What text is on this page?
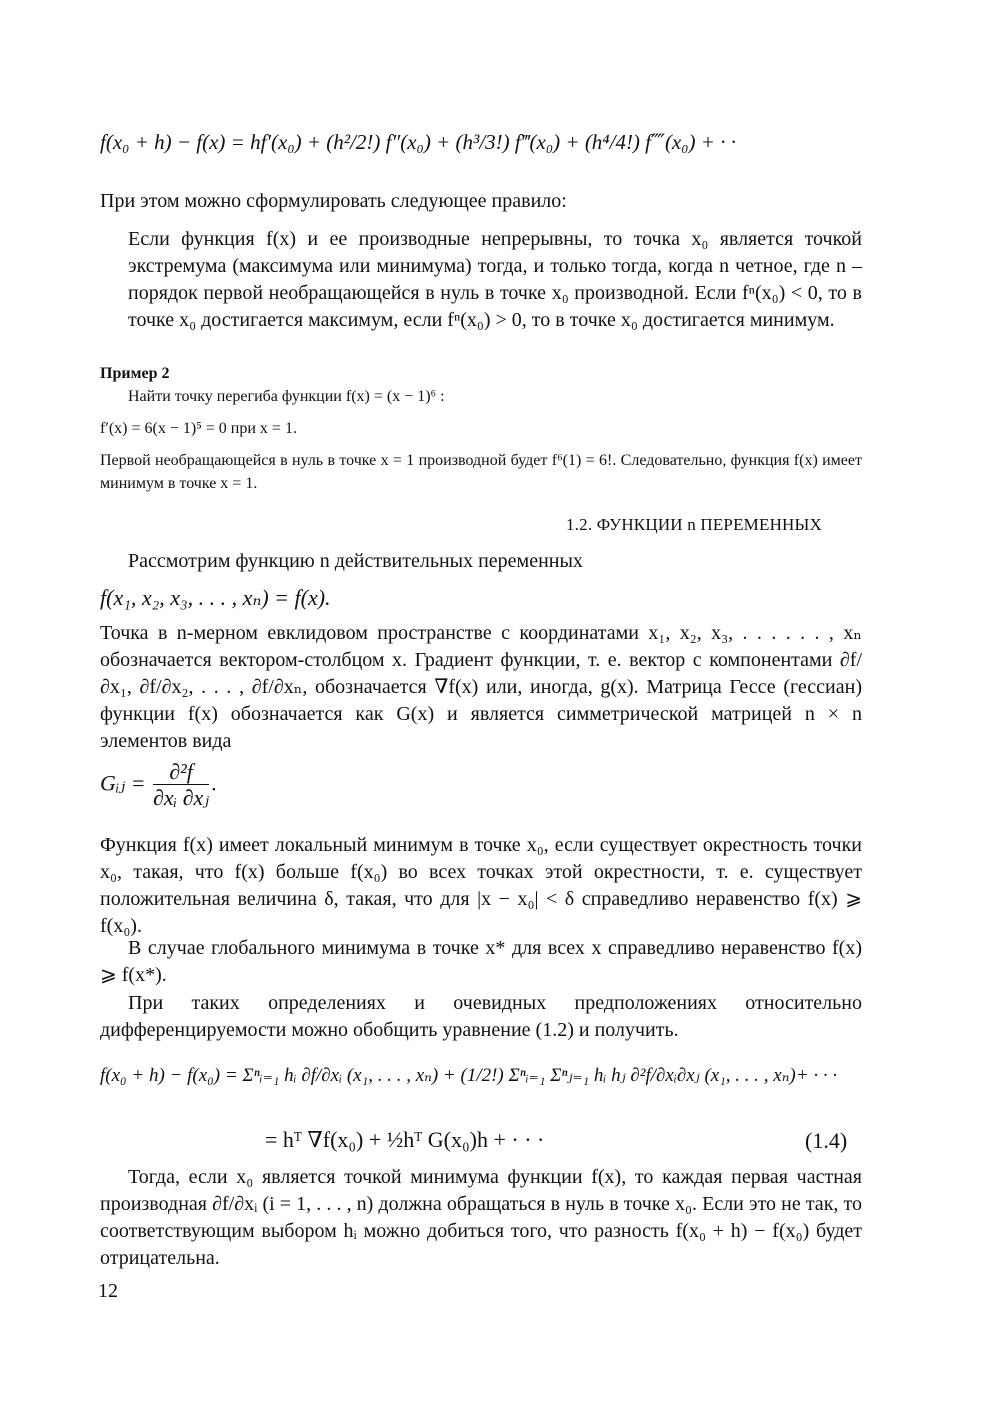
f(x₀ + h) − f(x) = hf′(x₀) + (h²/2!) f″(x₀) + (h³/3!) f‴(x₀) + (h⁴/4!) f⁗(x₀) + · ·

При этом можно сформулировать следующее правило:

Если функция f(x) и ее производные непрерывны, то точка x₀ является точкой экстремума (максимума или минимума) тогда, и только тогда, когда n четное, где n – порядок первой необращающейся в нуль в точке x₀ производной. Если fⁿ(x₀) < 0, то в точке x₀ достигается максимум, если fⁿ(x₀) > 0, то в точке x₀ достигается минимум.

Пример 2
Найти точку перегиба функции f(x) = (x − 1)⁶ :
f′(x) = 6(x − 1)⁵ = 0 при x = 1.

Первой необращающейся в нуль в точке x = 1 производной будет f⁶(1) = 6!. Следовательно, функция f(x) имеет минимум в точке x = 1.

1.2. ФУНКЦИИ n ПЕРЕМЕННЫХ

Рассмотрим функцию n действительных переменных

f(x₁, x₂, x₃, . . . , xₙ) = f(x).

Точка в n-мерном евклидовом пространстве с координатами x₁, x₂, x₃, . . . . . . , xₙ обозначается вектором-столбцом x. Градиент функции, т. е. вектор с компонентами ∂f/∂x₁, ∂f/∂x₂, . . . , ∂f/∂xₙ, обозначается ∇f(x) или, иногда, g(x). Матрица Гессе (гессиан) функции f(x) обозначается как G(x) и является симметрической матрицей n × n элементов вида

Gᵢⱼ = $\frac{\text{∂²f}}{\text{∂xᵢ ∂xⱼ}}$ .

Функция f(x) имеет локальный минимум в точке x₀, если существует окрестность точки x₀, такая, что f(x) больше f(x₀) во всех точках этой окрестности, т. е. существует положительная величина δ, такая, что для |x − x₀| < δ справедливо неравенство f(x) ⩾ f(x₀).

В случае глобального минимума в точке x* для всех x справедливо неравенство f(x) ⩾ f(x*).

При таких определениях и очевидных предположениях относительно дифференцируемости можно обобщить уравнение (1.2) и получить.

f(x₀ + h) − f(x₀) = Σⁿᵢ₌₁ hᵢ ∂f/∂xᵢ (x₁, . . . , xₙ) + (1/2!) Σⁿᵢ₌₁ Σⁿⱼ₌₁ hᵢ hⱼ ∂²f/∂xᵢ∂xⱼ (x₁, . . . , xₙ)+ · · ·
= hᵀ ∇f(x₀) + ½hᵀ G(x₀)h + · · ·	(1.4)

Тогда, если x₀ является точкой минимума функции f(x), то каждая первая частная производная ∂f/∂xᵢ (i = 1, . . . , n) должна обращаться в нуль в точке x₀. Если это не так, то соответствующим выбором hᵢ можно добиться того, что разность f(x₀ + h) − f(x₀) будет отрицательна.

12
